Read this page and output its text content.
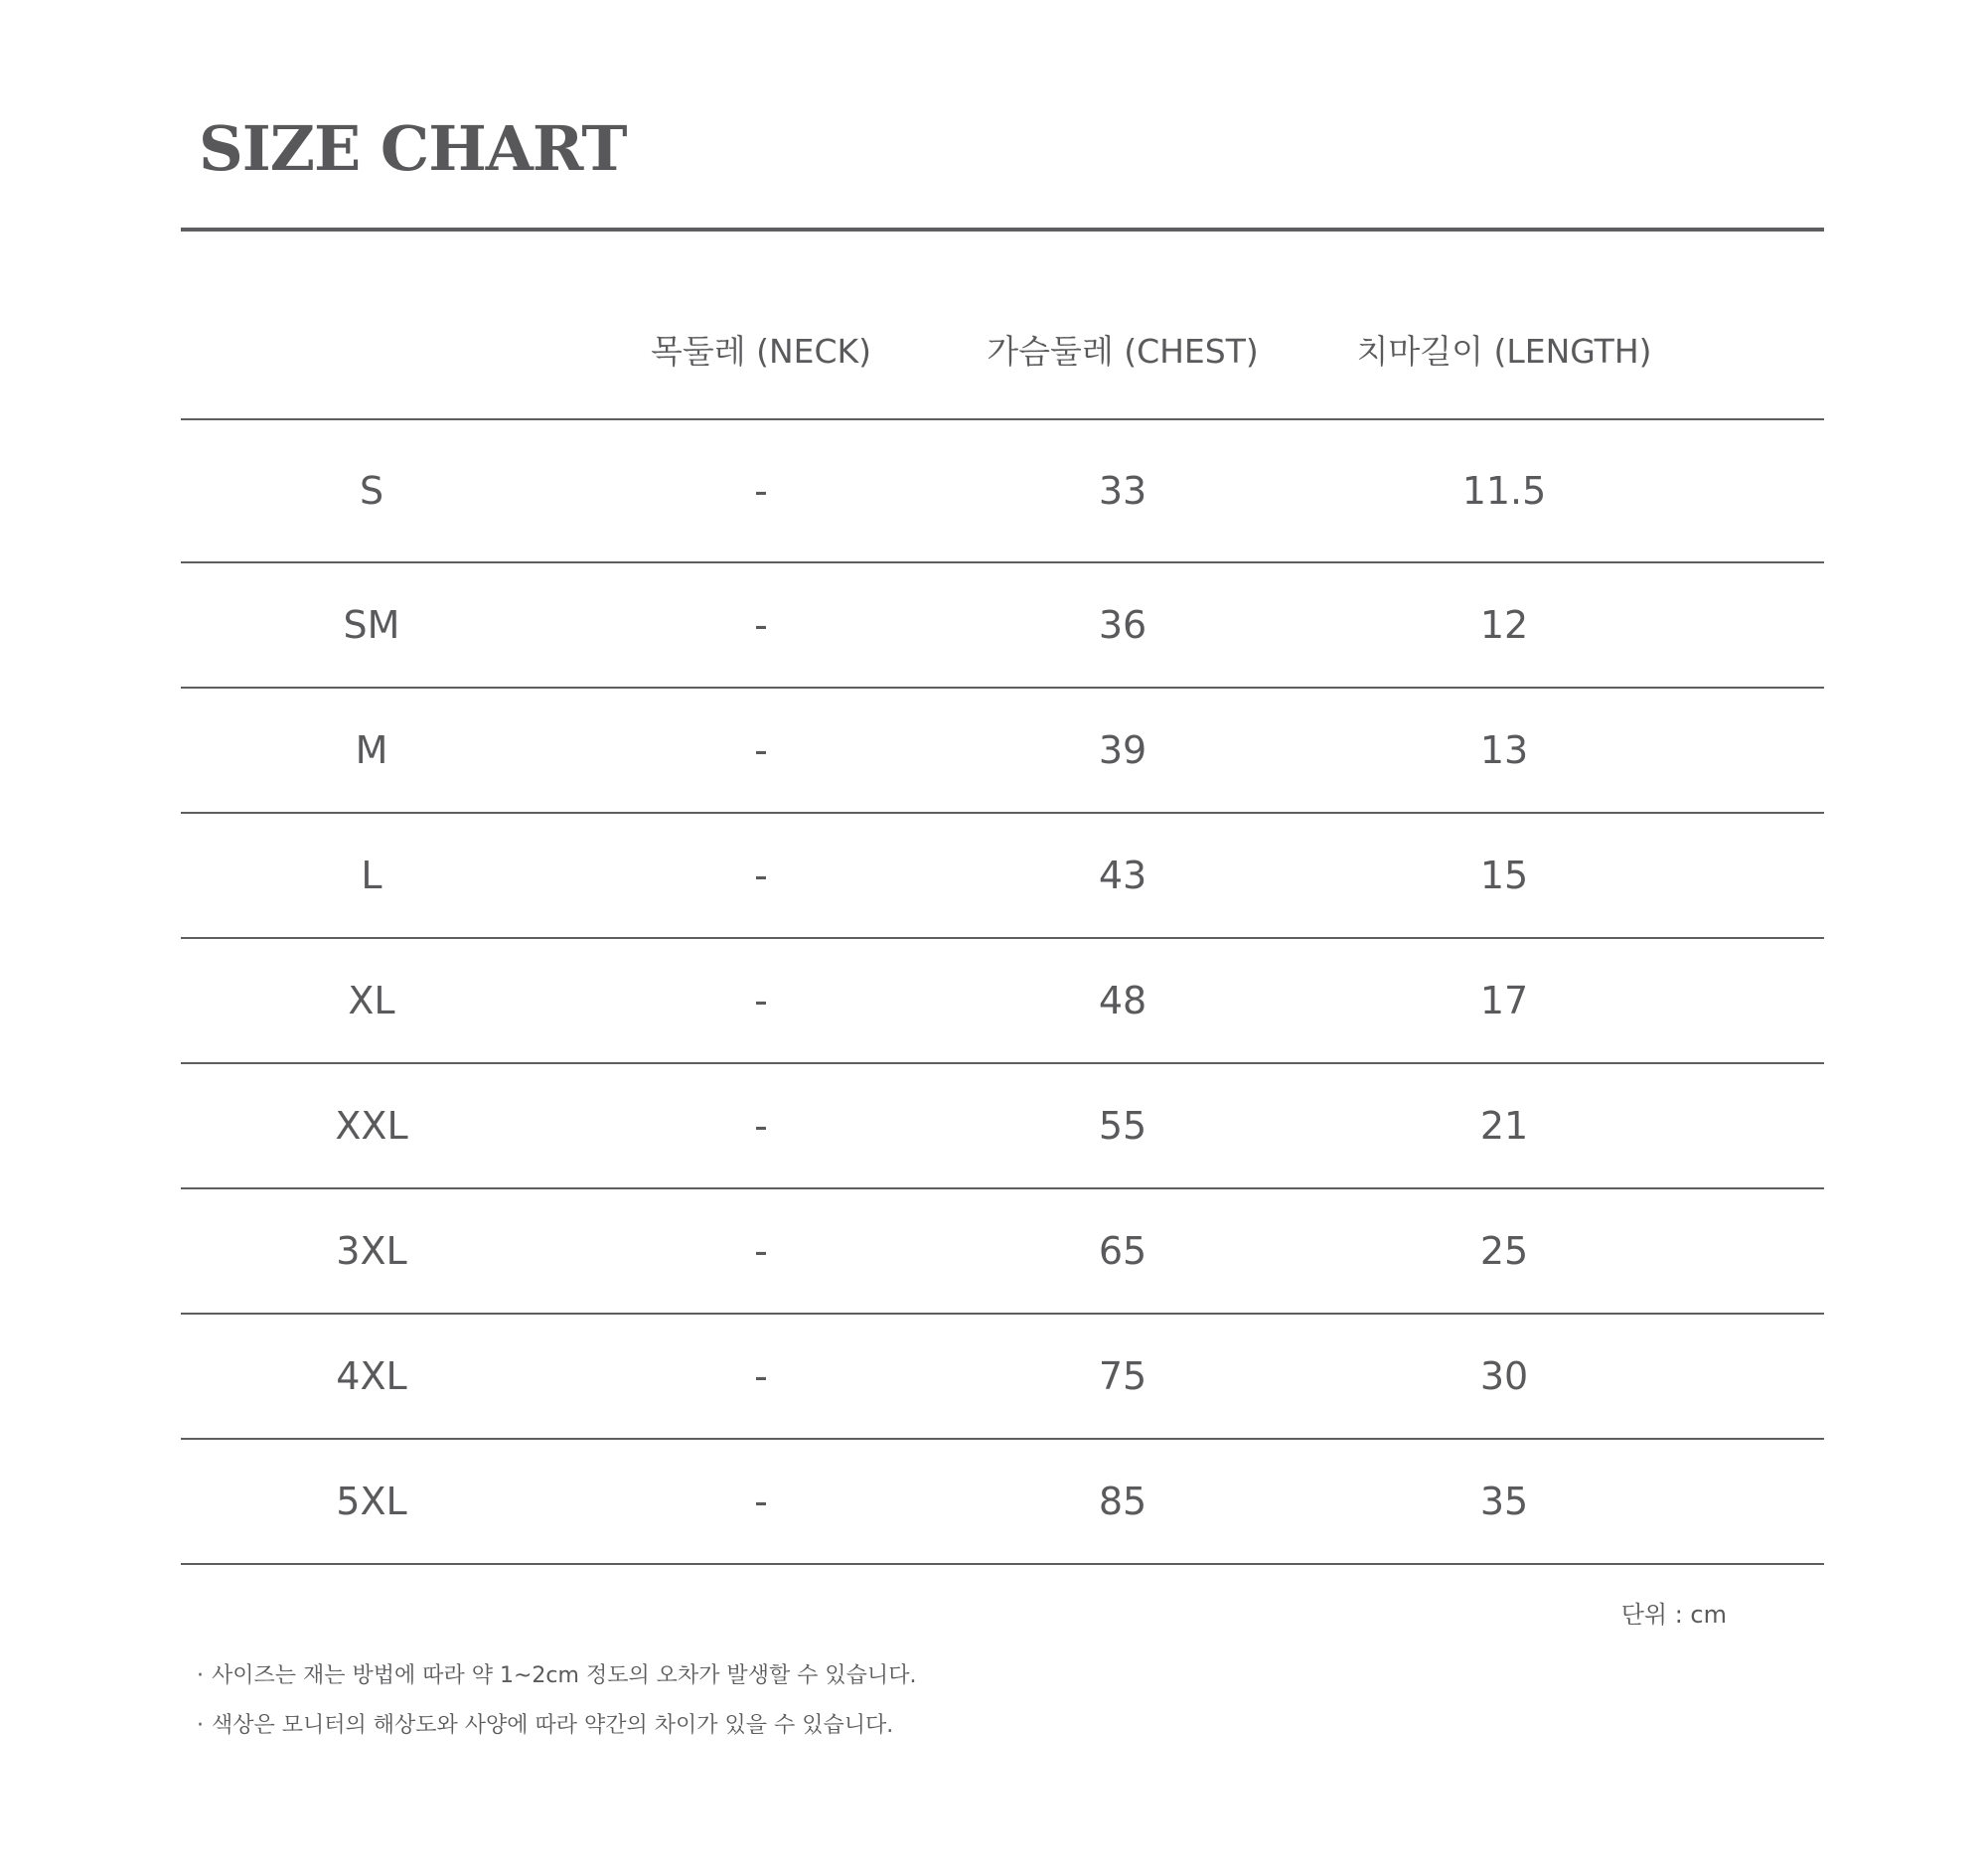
SIZE CHART
	목둘레 (NECK)	가슴둘레 (CHEST)	치마길이 (LENGTH)	
S	-	33	11.5	
SM	-	36	12	
M	-	39	13	
L	-	43	15	
XL	-	48	17	
XXL	-	55	21	
3XL	-	65	25	
4XL	-	75	30	
5XL	-	85	35	
단위 : cm
· 사이즈는 재는 방법에 따라 약 1~2cm 정도의 오차가 발생할 수 있습니다.
· 색상은 모니터의 해상도와 사양에 따라 약간의 차이가 있을 수 있습니다.
